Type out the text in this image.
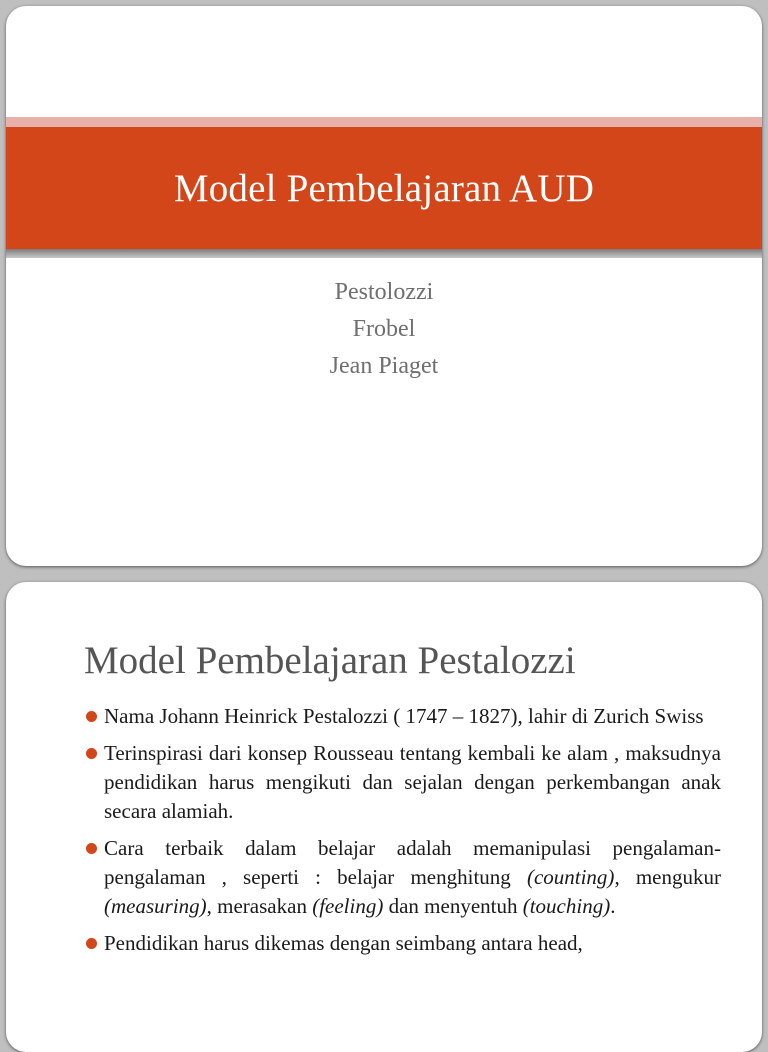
Model Pembelajaran AUD
Pestolozzi
Frobel
Jean Piaget
Model Pembelajaran Pestalozzi
Nama Johann Heinrick Pestalozzi ( 1747 – 1827), lahir di Zurich Swiss
Terinspirasi dari konsep Rousseau tentang kembali ke alam , maksudnya pendidikan harus mengikuti dan sejalan dengan perkembangan anak secara alamiah.
Cara terbaik dalam belajar adalah memanipulasi pengalaman-pengalaman , seperti : belajar menghitung (counting), mengukur (measuring), merasakan (feeling) dan menyentuh (touching).
Pendidikan harus dikemas dengan seimbang antara head,
